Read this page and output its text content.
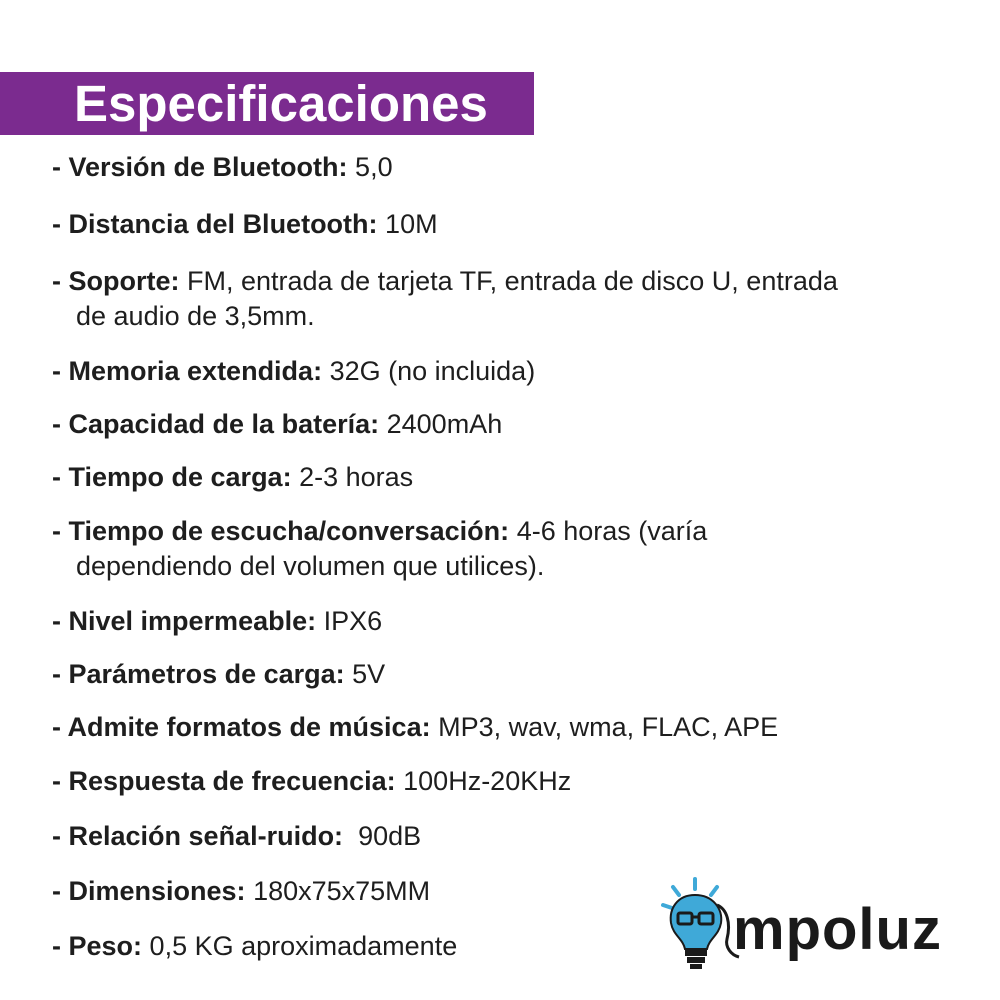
Especificaciones
- Versión de Bluetooth: 5,0
- Distancia del Bluetooth: 10M
- Soporte: FM, entrada de tarjeta TF, entrada de disco U, entrada
de audio de 3,5mm.
- Memoria extendida: 32G (no incluida)
- Capacidad de la batería: 2400mAh
- Tiempo de carga: 2-3 horas
- Tiempo de escucha/conversación: 4-6 horas (varía
dependiendo del volumen que utilices).
- Nivel impermeable: IPX6
- Parámetros de carga: 5V
- Admite formatos de música: MP3, wav, wma, FLAC, APE
- Respuesta de frecuencia: 100Hz-20KHz
- Relación señal-ruido:  90dB
- Dimensiones: 180x75x75MM
- Peso: 0,5 KG aproximadamente	mpoluz
